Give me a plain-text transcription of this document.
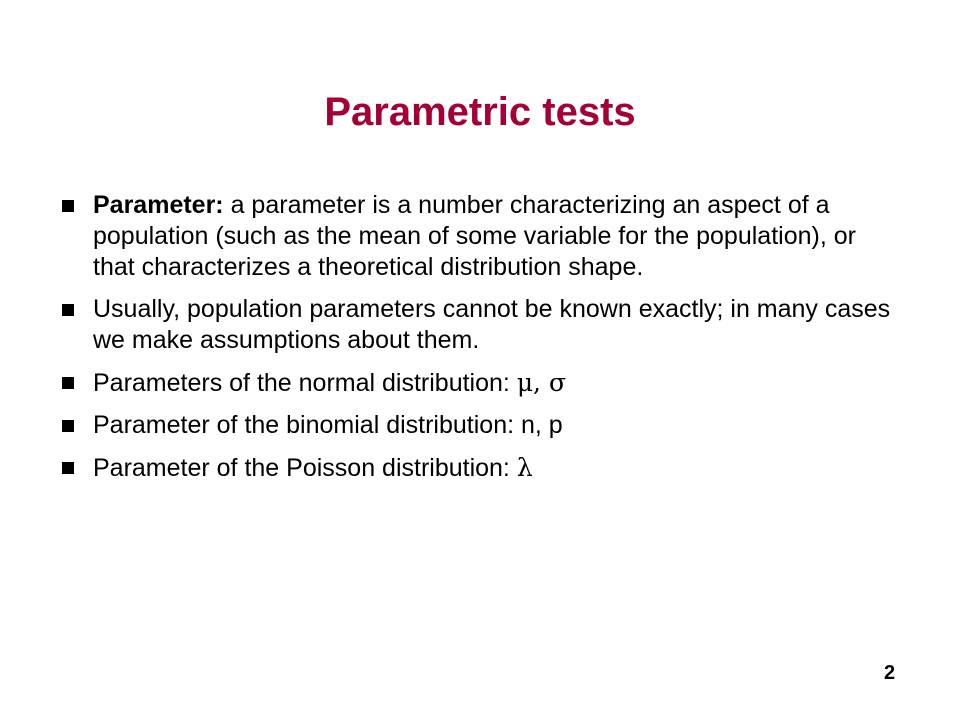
Parametric tests
Parameter: a parameter is a number characterizing an aspect of a population (such as the mean of some variable for the population), or that characterizes a theoretical distribution shape.
Usually, population parameters cannot be known exactly; in many cases we make assumptions about them.
Parameters of the normal distribution: μ, σ
Parameter of the binomial distribution: n, p
Parameter of the Poisson distribution: λ
2
